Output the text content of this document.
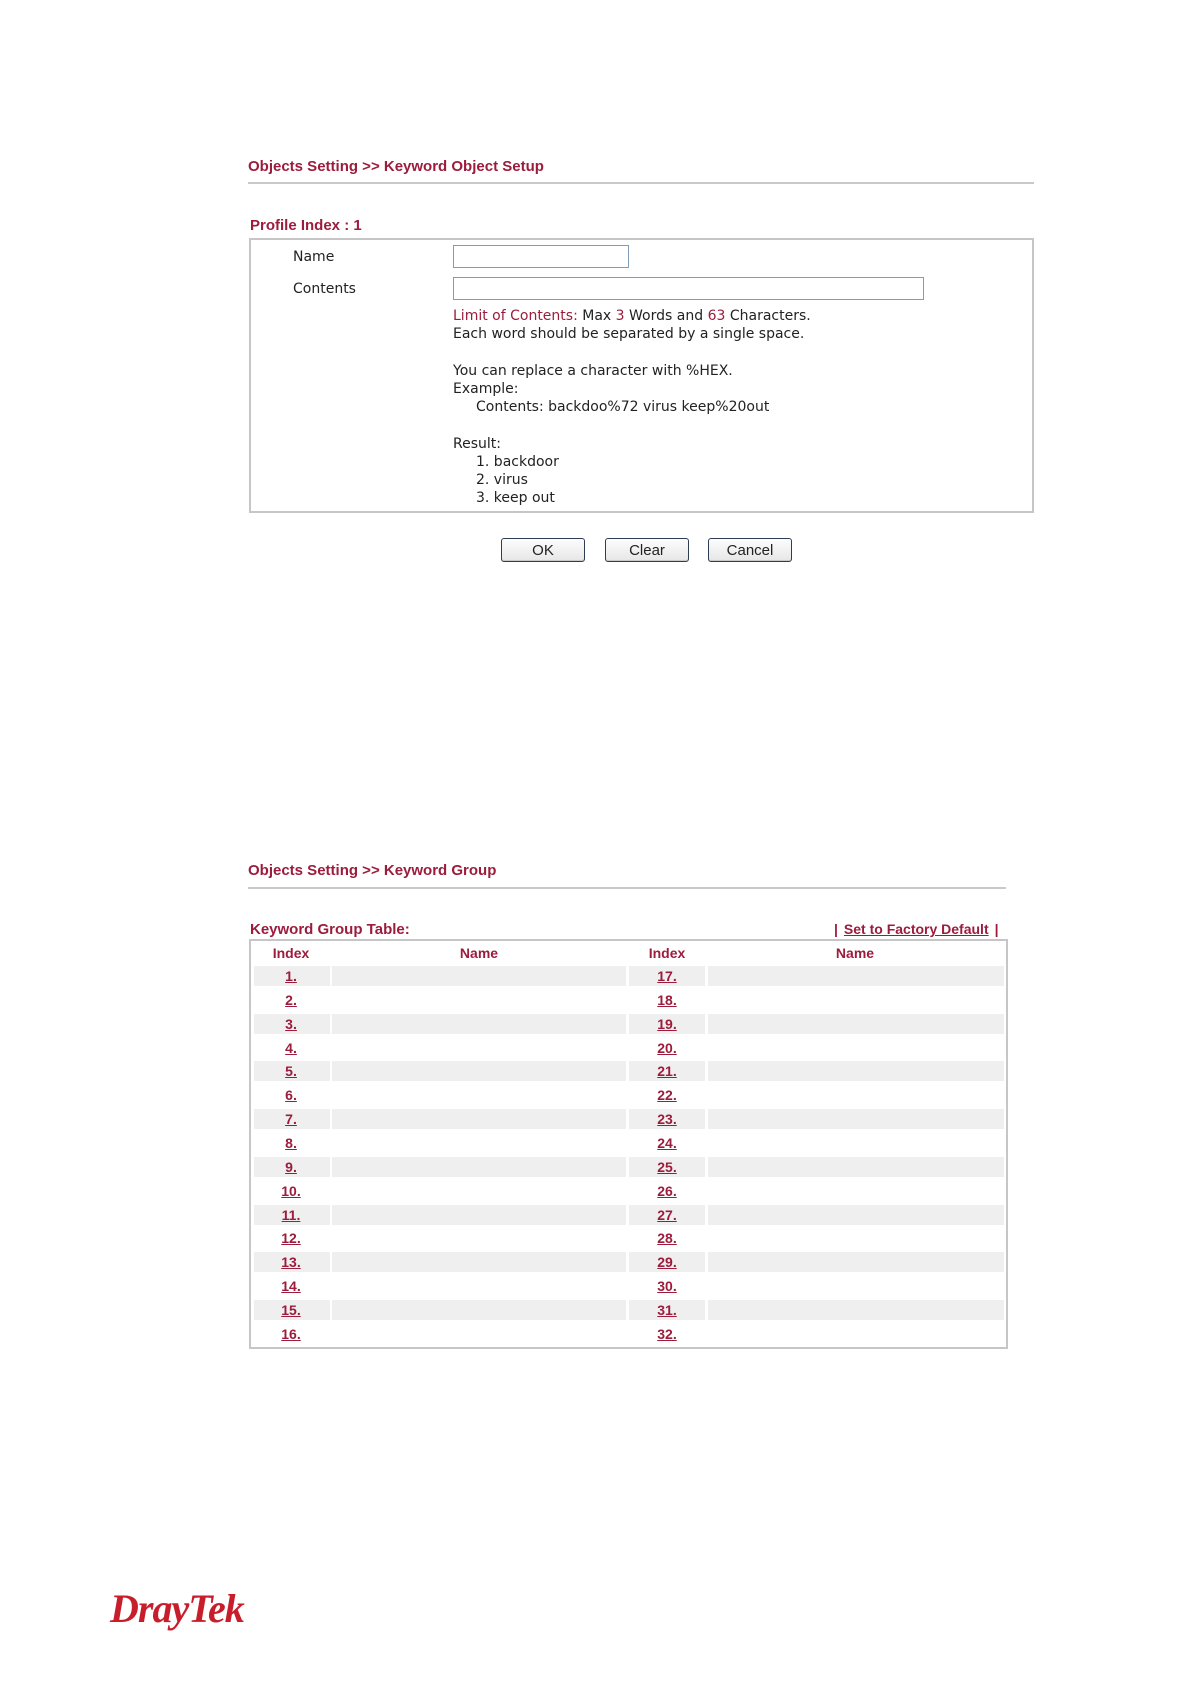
Objects Setting >> Keyword Object Setup
Profile Index : 1
Name
Contents
Limit of Contents: Max 3 Words and 63 Characters.
Each word should be separated by a single space.
You can replace a character with %HEX.
Example:
Contents: backdoo%72 virus keep%20out
Result:
1. backdoor
2. virus
3. keep out
OK	Clear	Cancel
Objects Setting >> Keyword Group
Keyword Group Table:	| Set to Factory Default |
Index	Name	Index	Name
1.	17.
2.	18.
3.	19.
4.	20.
5.	21.
6.	22.
7.	23.
8.	24.
9.	25.
10.	26.
11.	27.
12.	28.
13.	29.
14.	30.
15.	31.
16.	32.
DrayTek
